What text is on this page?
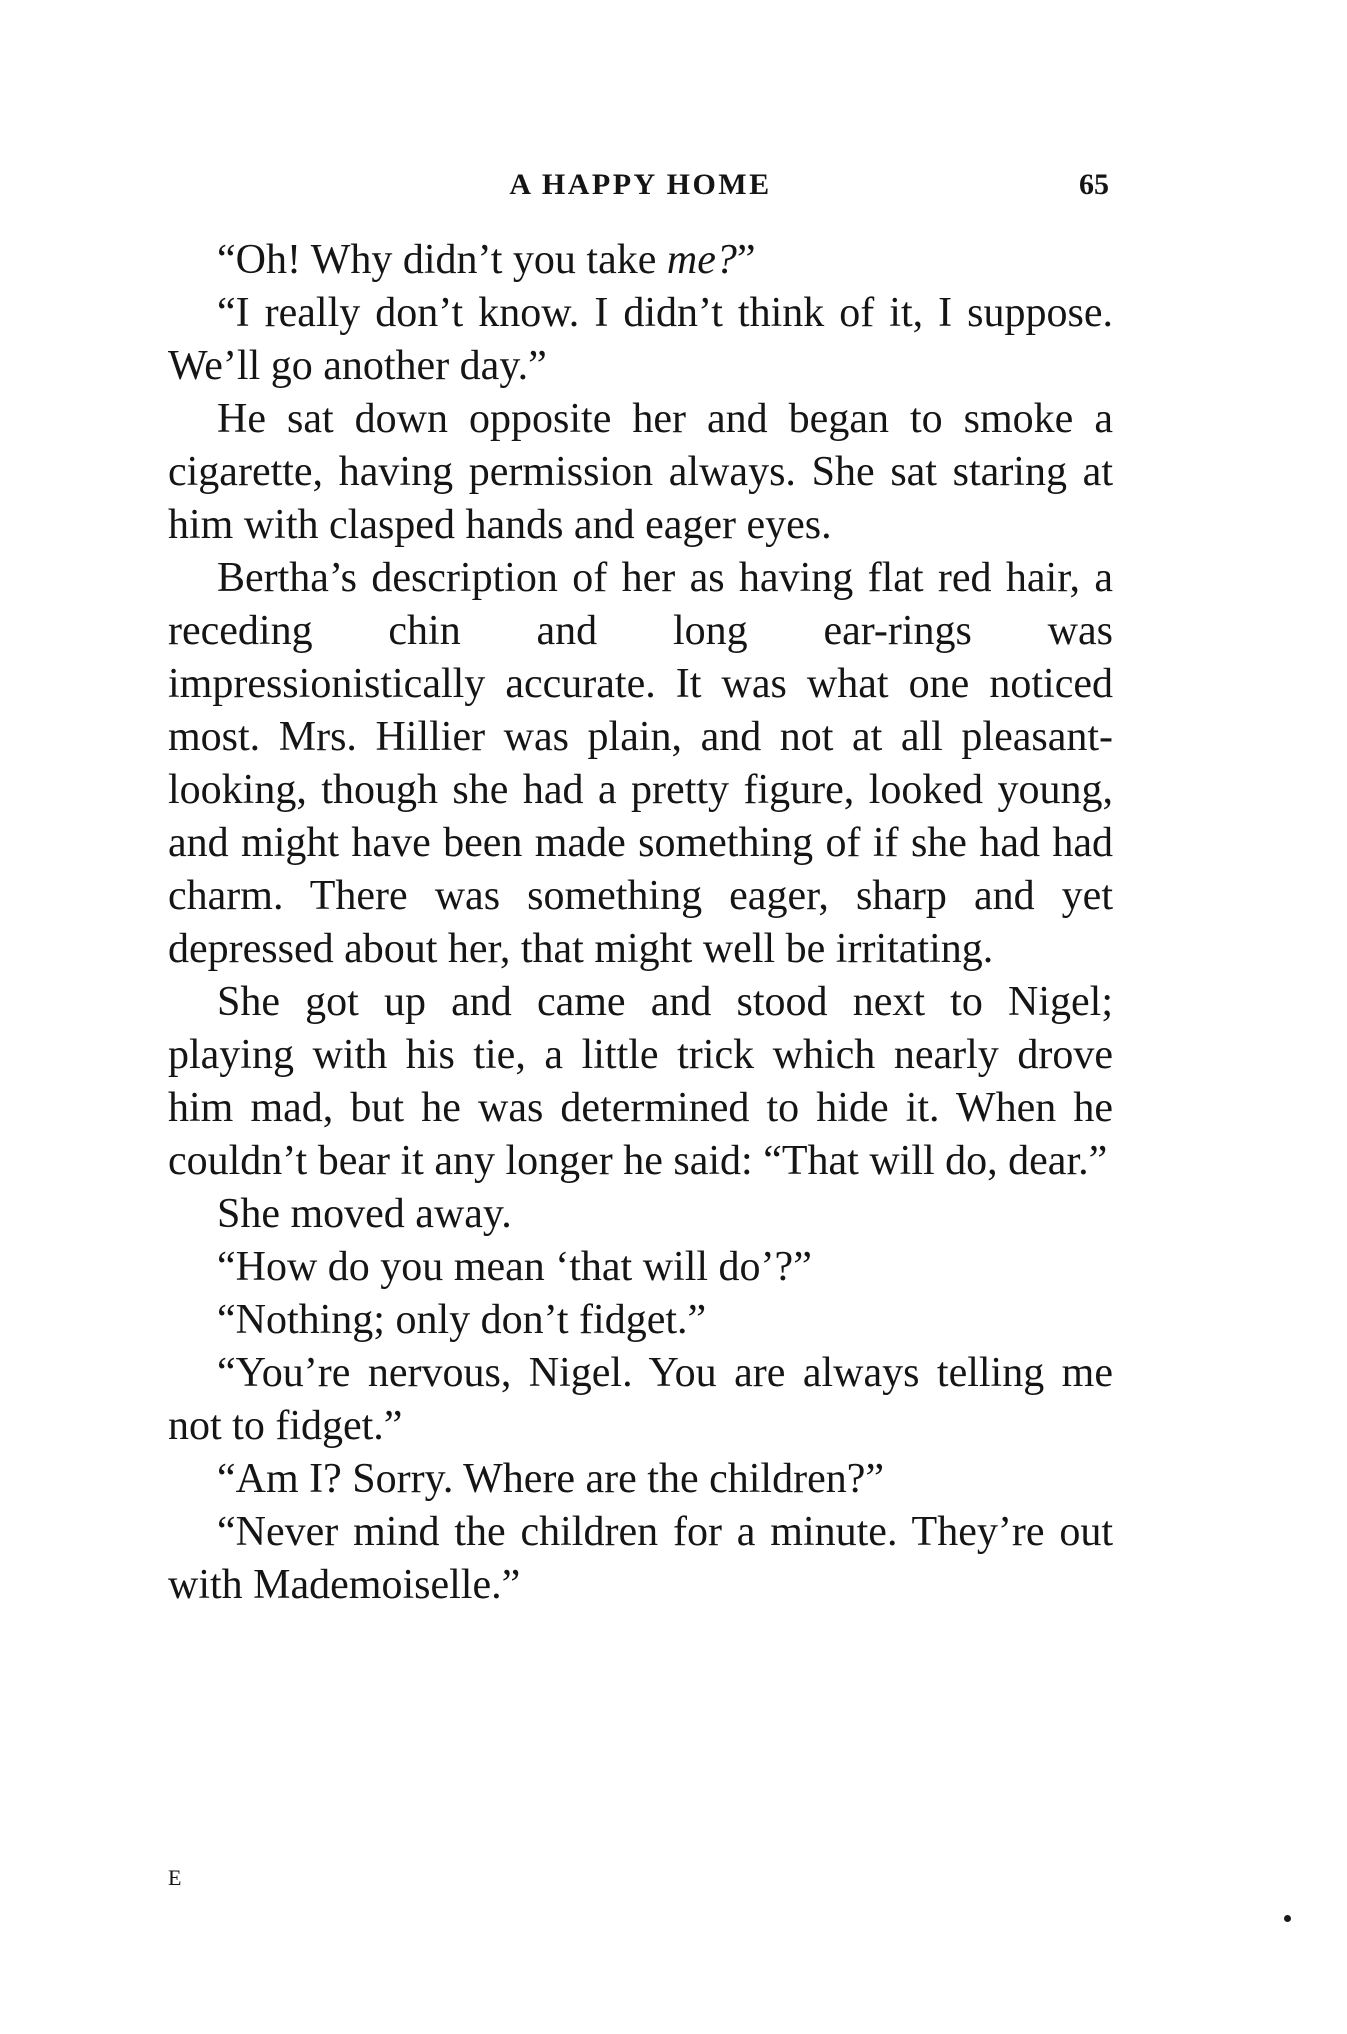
A HAPPY HOME	65

“Oh! Why didn’t you take me?”

“I really don’t know. I didn’t think of it, I suppose. We’ll go another day.”

He sat down opposite her and began to smoke a cigarette, having permission always. She sat staring at him with clasped hands and eager eyes.

Bertha’s description of her as having flat red hair, a receding chin and long ear-rings was impressionistically accurate. It was what one noticed most. Mrs. Hillier was plain, and not at all pleasant-looking, though she had a pretty figure, looked young, and might have been made something of if she had had charm. There was something eager, sharp and yet depressed about her, that might well be irritating.

She got up and came and stood next to Nigel; playing with his tie, a little trick which nearly drove him mad, but he was determined to hide it. When he couldn’t bear it any longer he said: “That will do, dear.”

She moved away.

“How do you mean ‘that will do’?”

“Nothing; only don’t fidget.”

“You’re nervous, Nigel. You are always telling me not to fidget.”

“Am I? Sorry. Where are the children?”

“Never mind the children for a minute. They’re out with Mademoiselle.”

E
